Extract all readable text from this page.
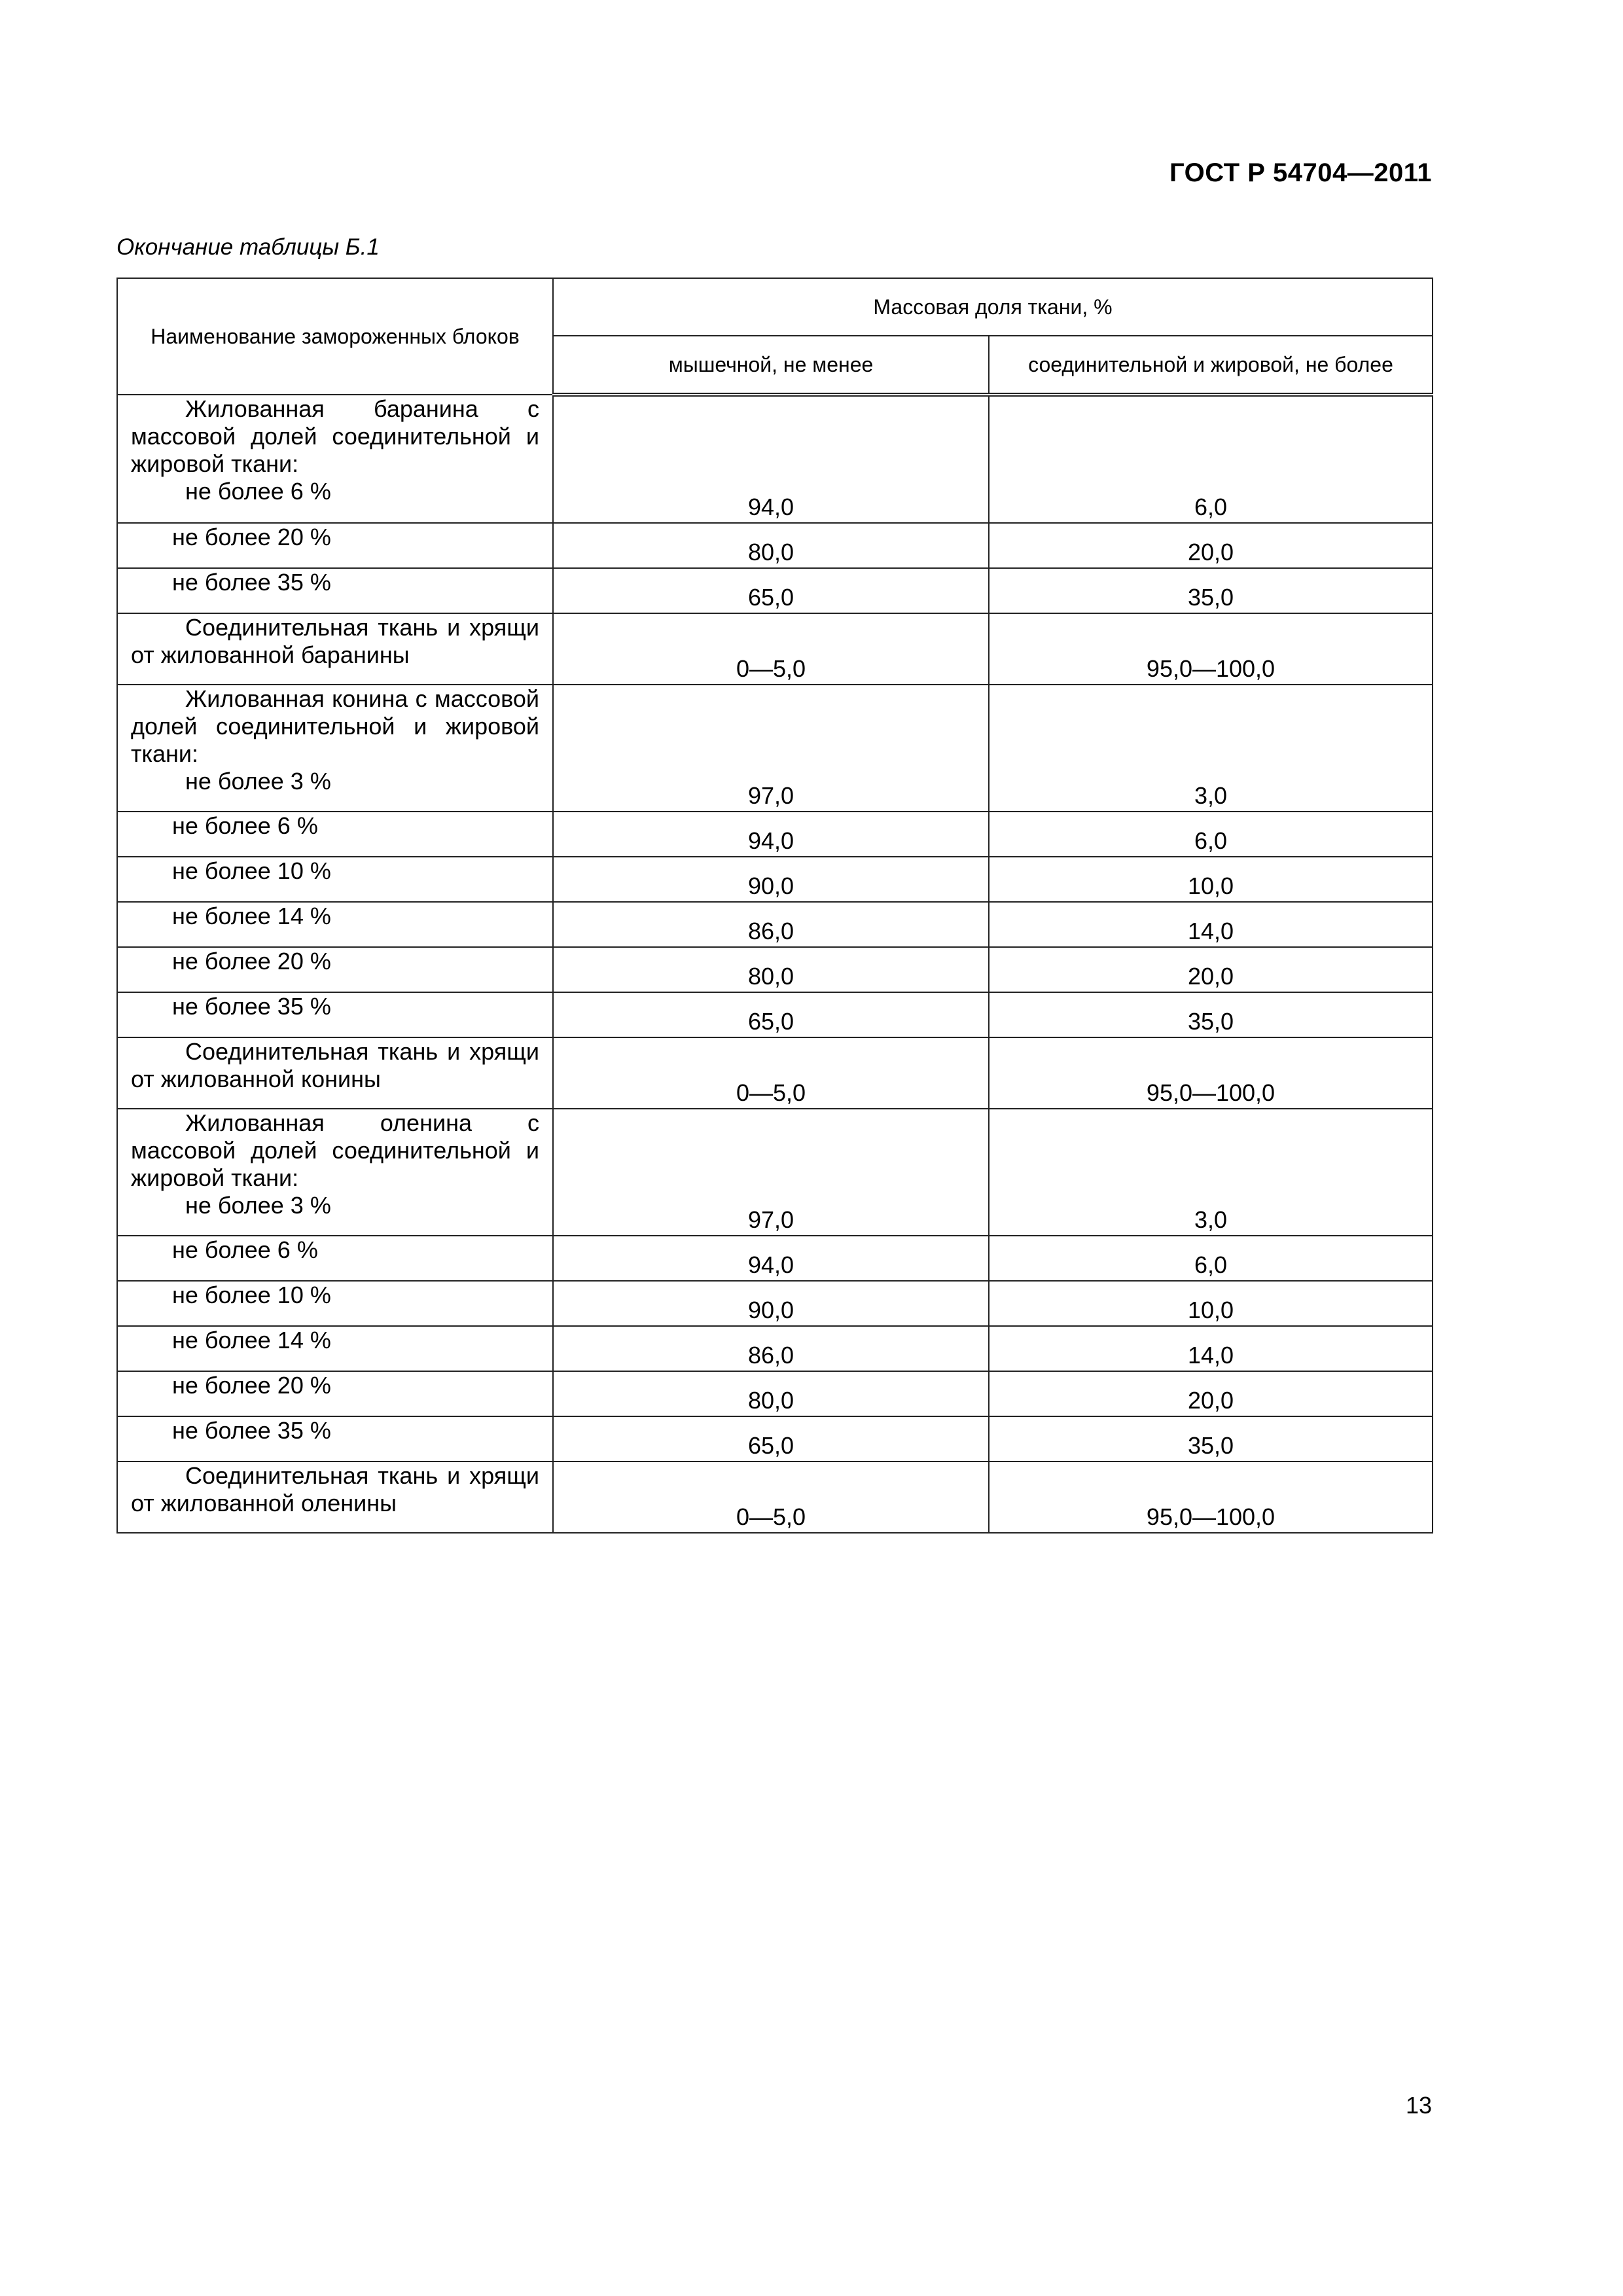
ГОСТ Р 54704—2011

Окончание таблицы Б.1

Наименование замороженных блоков	Массовая доля ткани, %	
	мышечной, не менее	соединительной и жировой, не более

Жилованная баранина с массовой долей соединительной и жировой ткани:
не более 6 %	94,0	6,0
не более 20 %	80,0	20,0
не более 35 %	65,0	35,0
Соединительная ткань и хрящи от жилованной баранины	0—5,0	95,0—100,0

Жилованная конина с массовой долей соединительной и жировой ткани:
не более 3 %	97,0	3,0
не более 6 %	94,0	6,0
не более 10 %	90,0	10,0
не более 14 %	86,0	14,0
не более 20 %	80,0	20,0
не более 35 %	65,0	35,0
Соединительная ткань и хрящи от жилованной конины	0—5,0	95,0—100,0

Жилованная оленина с массовой долей соединительной и жировой ткани:
не более 3 %	97,0	3,0
не более 6 %	94,0	6,0
не более 10 %	90,0	10,0
не более 14 %	86,0	14,0
не более 20 %	80,0	20,0
не более 35 %	65,0	35,0
Соединительная ткань и хрящи от жилованной оленины	0—5,0	95,0—100,0

13
